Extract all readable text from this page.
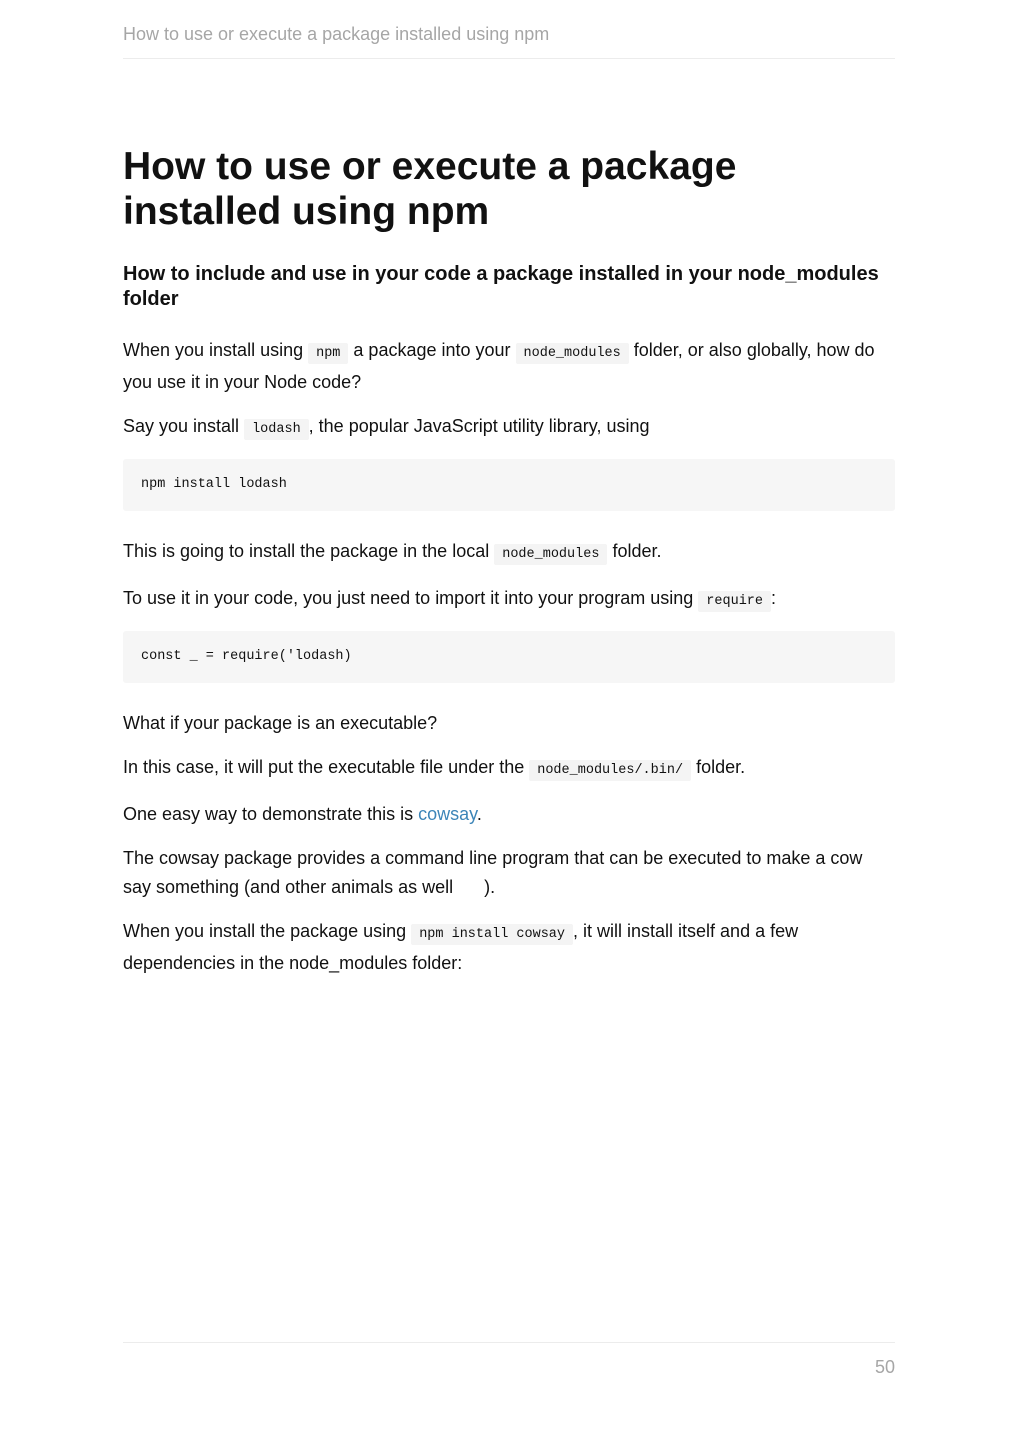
How to use or execute a package installed using npm
How to use or execute a package installed using npm
How to include and use in your code a package installed in your node_modules folder

When you install using npm a package into your node_modules folder, or also globally, how do you use it in your Node code?

Say you install lodash , the popular JavaScript utility library, using

npm install lodash

This is going to install the package in the local node_modules folder.

To use it in your code, you just need to import it into your program using require :

const _ = require('lodash)

What if your package is an executable?

In this case, it will put the executable file under the node_modules/.bin/ folder.

One easy way to demonstrate this is cowsay.

The cowsay package provides a command line program that can be executed to make a cow say something (and other animals as well ).

When you install the package using npm install cowsay , it will install itself and a few dependencies in the node_modules folder:

50
